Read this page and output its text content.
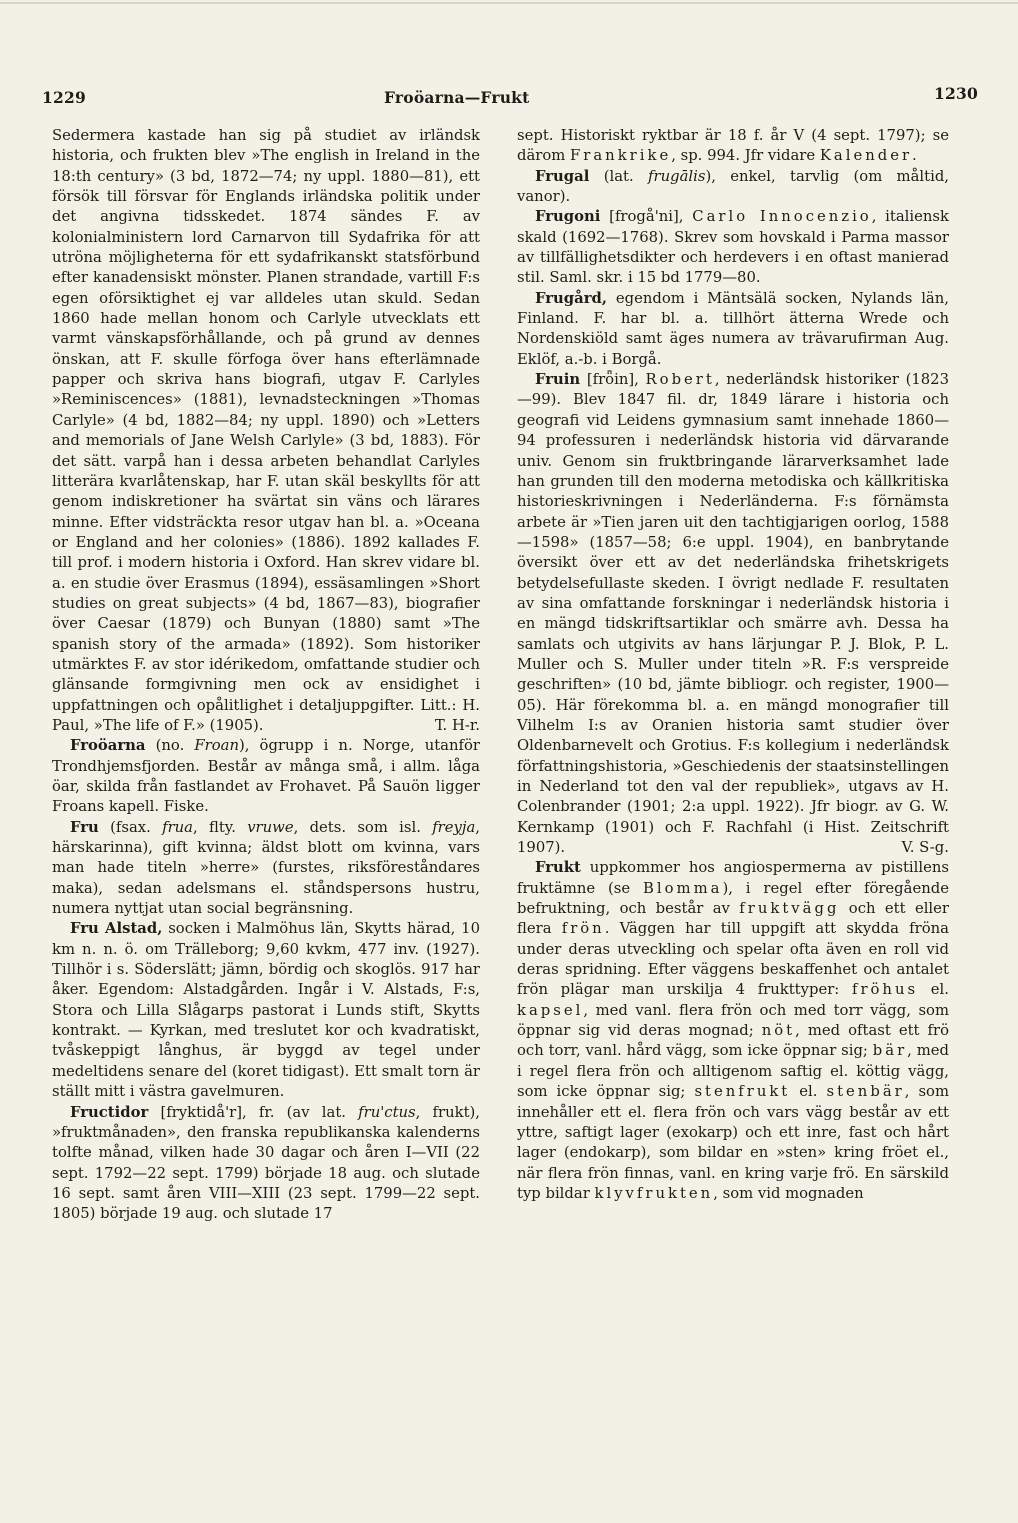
1229	Froöarna—Frukt	1230

Sedermera kastade han sig på studiet av irländsk historia, och frukten blev »The english in Ireland in the 18:th century» (3 bd, 1872—74; ny uppl. 1880—81), ett försök till försvar för Englands irländska politik under det angivna tidsskedet. 1874 sändes F. av kolonialministern lord Carnarvon till Sydafrika för att utröna möjligheterna för ett sydafrikanskt statsförbund efter kanadensiskt mönster. Planen strandade, vartill F:s egen oförsiktighet ej var alldeles utan skuld. Sedan 1860 hade mellan honom och Carlyle utvecklats ett varmt vänskapsförhållande, och på grund av dennes önskan, att F. skulle förfoga över hans efterlämnade papper och skriva hans biografi, utgav F. Carlyles »Reminiscences» (1881), levnadsteckningen »Thomas Carlyle» (4 bd, 1882—84; ny uppl. 1890) och »Letters and memorials of Jane Welsh Carlyle» (3 bd, 1883). För det sätt. varpå han i dessa arbeten behandlat Carlyles litterära kvarlåtenskap, har F. utan skäl beskyllts för att genom indiskretioner ha svärtat sin väns och lärares minne. Efter vidsträckta resor utgav han bl. a. »Oceana or England and her colonies» (1886). 1892 kallades F. till prof. i modern historia i Oxford. Han skrev vidare bl. a. en studie över Erasmus (1894), essäsamlingen »Short studies on great subjects» (4 bd, 1867—83), biografier över Caesar (1879) och Bunyan (1880) samt »The spanish story of the armada» (1892). Som historiker utmärktes F. av stor idérikedom, omfattande studier och glänsande formgivning men ock av ensidighet i uppfattningen och opålitlighet i detaljuppgifter. Litt.: H. Paul, »The life of F.» (1905).	T. H-r.

Froöarna (no. Froan), ögrupp i n. Norge, utanför Trondhjemsfjorden. Består av många små, i allm. låga öar, skilda från fastlandet av Frohavet. På Sauön ligger Froans kapell. Fiske.

Fru (fsax. frua, flty. vruwe, dets. som isl. freyja, härskarinna), gift kvinna; äldst blott om kvinna, vars man hade titeln »herre» (furstes, riksföreståndares maka), sedan adelsmans el. ståndspersons hustru, numera nyttjat utan social begränsning.

Fru Alstad, socken i Malmöhus län, Skytts härad, 10 km n. n. ö. om Trälleborg; 9,60 kvkm, 477 inv. (1927). Tillhör i s. Söderslätt; jämn, bördig och skoglös. 917 har åker. Egendom: Alstadgården. Ingår i V. Alstads, F:s, Stora och Lilla Slågarps pastorat i Lunds stift, Skytts kontrakt. — Kyrkan, med treslutet kor och kvadratiskt, tvåskeppigt långhus, är byggd av tegel under medeltidens senare del (koret tidigast). Ett smalt torn är ställt mitt i västra gavelmuren.

Fructidor [fryktidå'r], fr. (av lat. fru'ctus, frukt), »fruktmånaden», den franska republikanska kalenderns tolfte månad, vilken hade 30 dagar och åren I—VII (22 sept. 1792—22 sept. 1799) började 18 aug. och slutade 16 sept. samt åren VIII—XIII (23 sept. 1799—22 sept. 1805) började 19 aug. och slutade 17

sept. Historiskt ryktbar är 18 f. år V (4 sept. 1797); se därom Frankrike, sp. 994. Jfr vidare Kalender.

Frugal (lat. frugālis), enkel, tarvlig (om måltid, vanor).

Frugoni [frogå'ni], Carlo Innocenzio, italiensk skald (1692—1768). Skrev som hovskald i Parma massor av tillfällighetsdikter och herdevers i en oftast manierad stil. Saml. skr. i 15 bd 1779—80.

Frugård, egendom i Mäntsälä socken, Nylands län, Finland. F. har bl. a. tillhört ätterna Wrede och Nordenskiöld samt äges numera av trävarufirman Aug. Eklöf, a.-b. i Borgå.

Fruin [frȫin], Robert, nederländsk historiker (1823—99). Blev 1847 fil. dr, 1849 lärare i historia och geografi vid Leidens gymnasium samt innehade 1860—94 professuren i nederländsk historia vid därvarande univ. Genom sin fruktbringande lärarverksamhet lade han grunden till den moderna metodiska och källkritiska historieskrivningen i Nederländerna. F:s förnämsta arbete är »Tien jaren uit den tachtigjarigen oorlog, 1588—1598» (1857—58; 6:e uppl. 1904), en banbrytande översikt över ett av det nederländska frihetskrigets betydelsefullaste skeden. I övrigt nedlade F. resultaten av sina omfattande forskningar i nederländsk historia i en mängd tidskriftsartiklar och smärre avh. Dessa ha samlats och utgivits av hans lärjungar P. J. Blok, P. L. Muller och S. Muller under titeln »R. F:s verspreide geschriften» (10 bd, jämte bibliogr. och register, 1900—05). Här förekomma bl. a. en mängd monografier till Vilhelm I:s av Oranien historia samt studier över Oldenbarnevelt och Grotius. F:s kollegium i nederländsk författningshistoria, »Geschiedenis der staatsinstellingen in Nederland tot den val der republiek», utgavs av H. Colenbrander (1901; 2:a uppl. 1922). Jfr biogr. av G. W. Kernkamp (1901) och F. Rachfahl (i Hist. Zeitschrift 1907).	V. S-g.

Frukt uppkommer hos angiospermerna av pistillens fruktämne (se Blomma), i regel efter föregående befruktning, och består av fruktvägg och ett eller flera frön. Väggen har till uppgift att skydda fröna under deras utveckling och spelar ofta även en roll vid deras spridning. Efter väggens beskaffenhet och antalet frön plägar man urskilja 4 frukttyper: fröhus el. kapsel, med vanl. flera frön och med torr vägg, som öppnar sig vid deras mognad; nöt, med oftast ett frö och torr, vanl. hård vägg, som icke öppnar sig; bär, med i regel flera frön och alltigenom saftig el. köttig vägg, som icke öppnar sig; stenfrukt el. stenbär, som innehåller ett el. flera frön och vars vägg består av ett yttre, saftigt lager (exokarp) och ett inre, fast och hårt lager (endokarp), som bildar en »sten» kring fröet el., när flera frön finnas, vanl. en kring varje frö. En särskild typ bildar klyvfrukten, som vid mognaden
